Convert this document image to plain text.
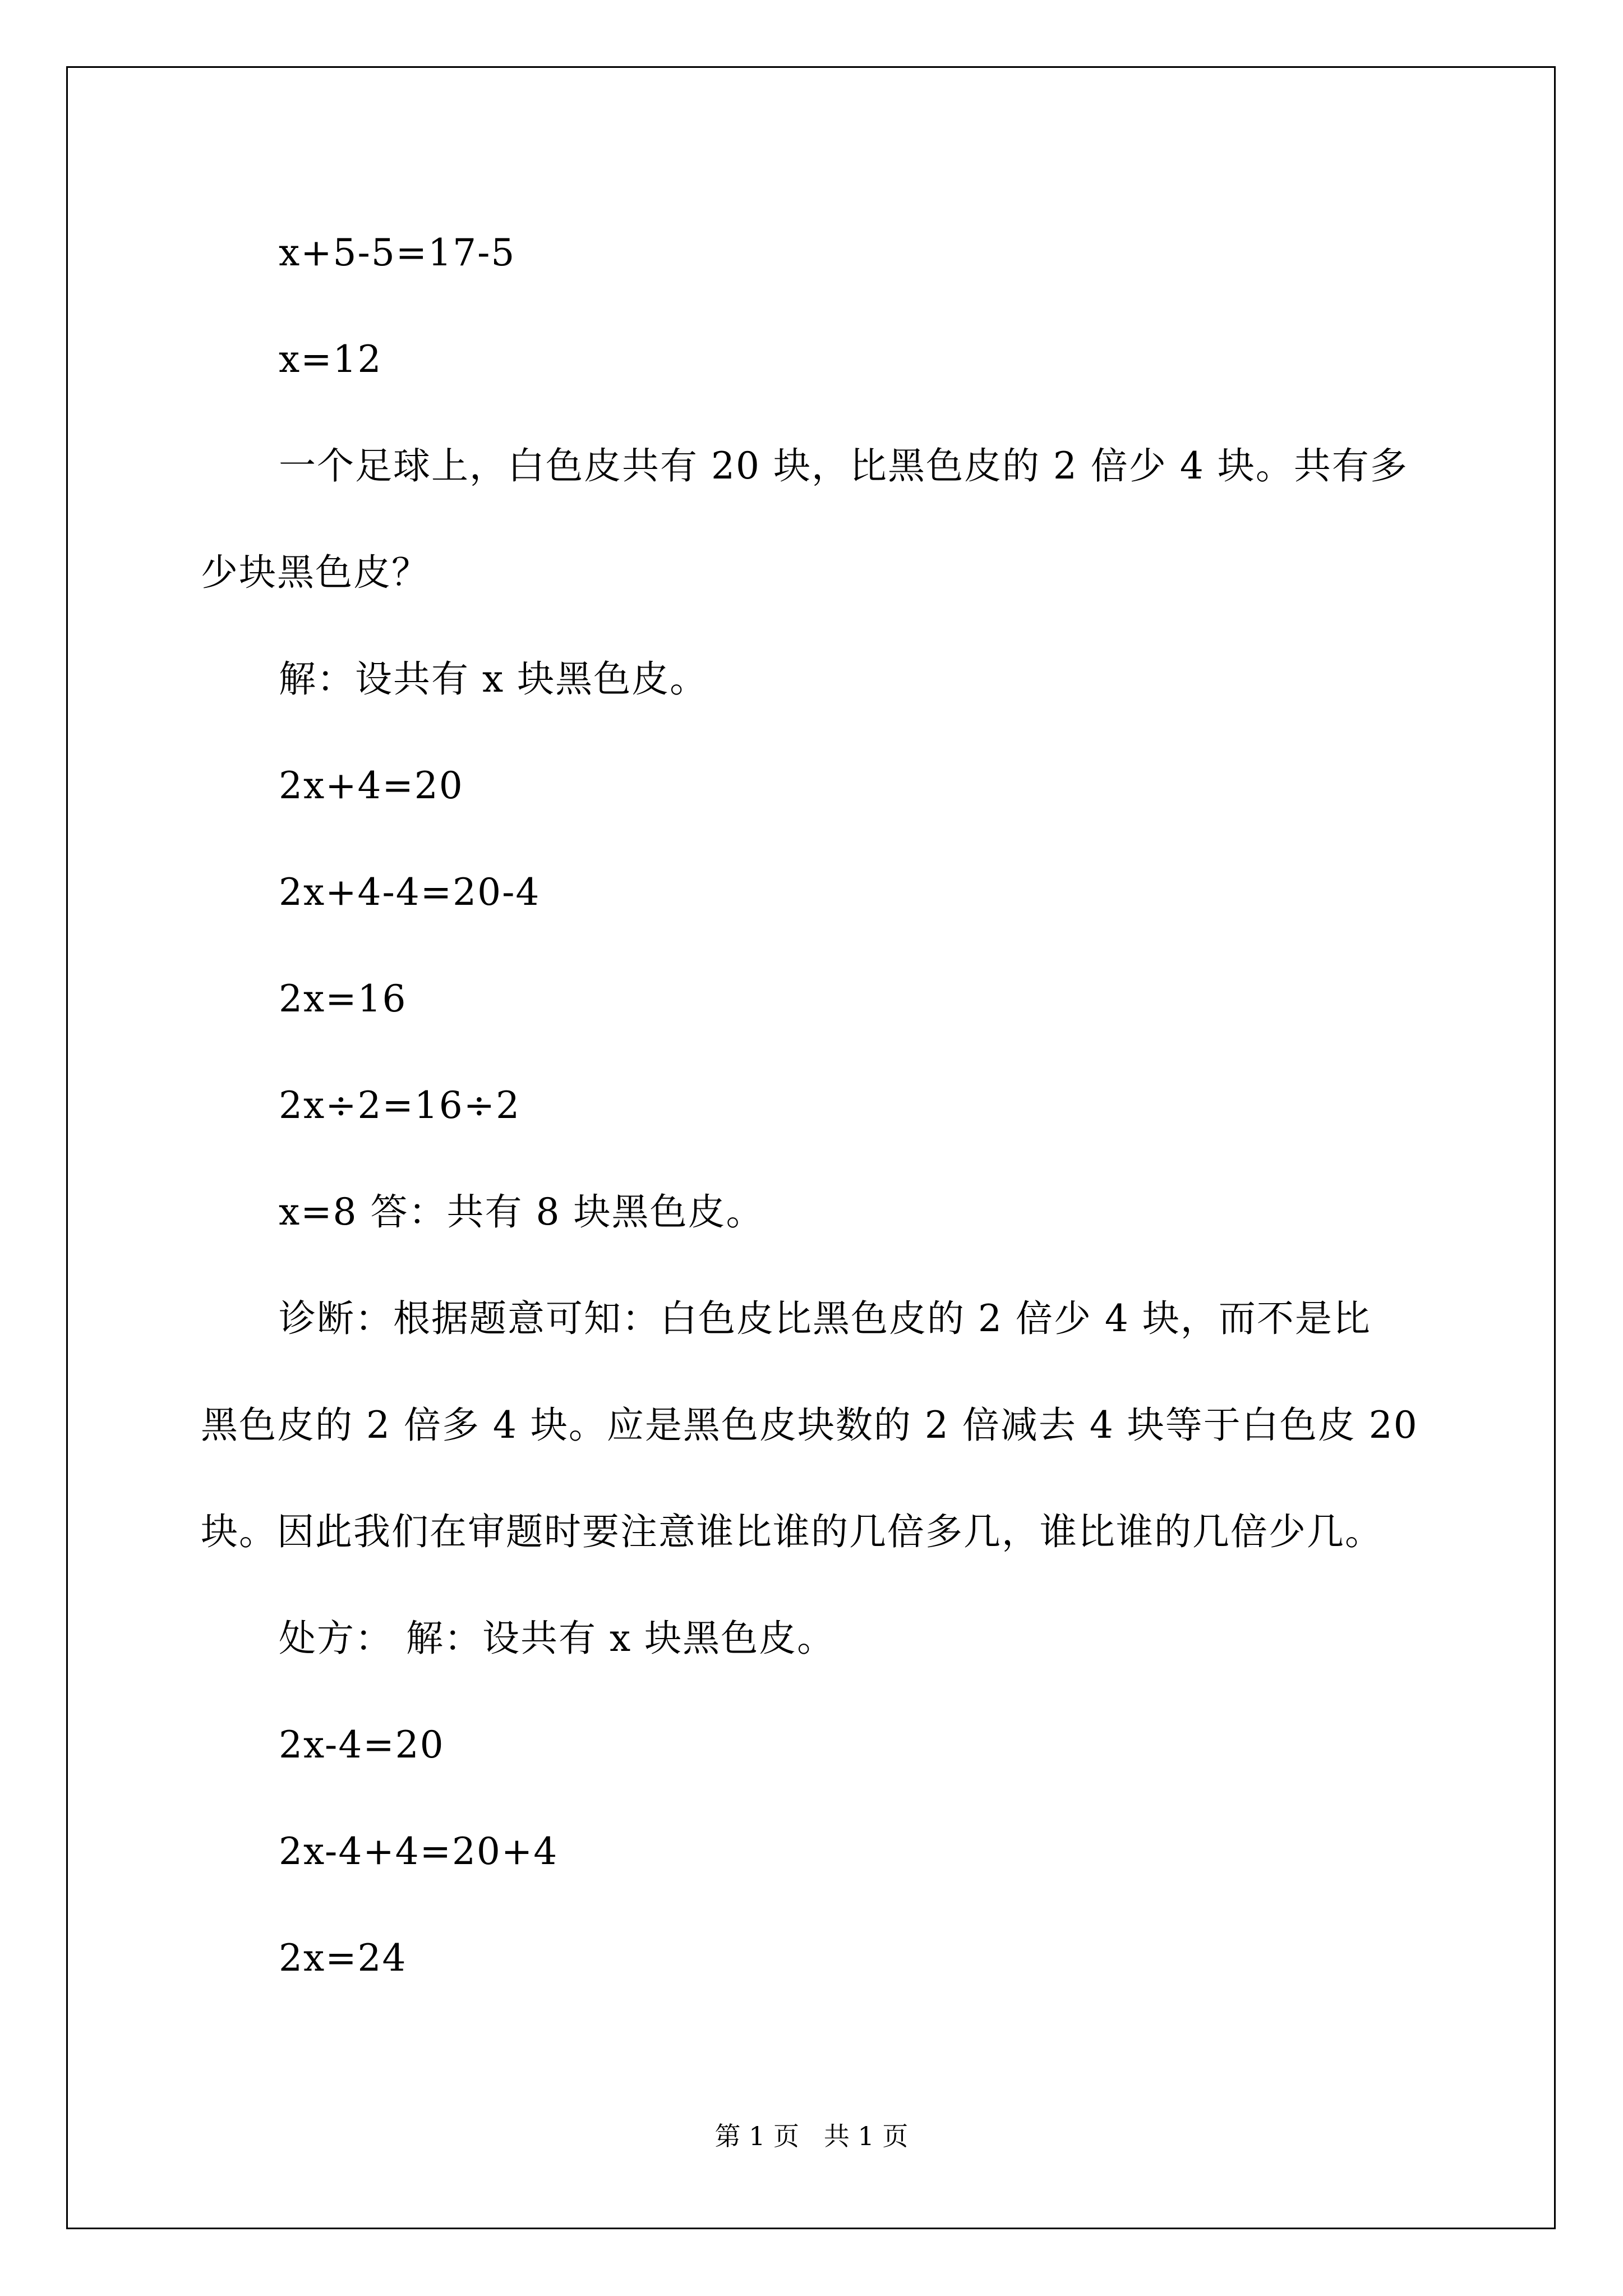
x+5-5=17-5
x=12
一个足球上，白色皮共有 20 块，比黑色皮的 2 倍少 4 块。共有多
少块黑色皮？
解：设共有 x 块黑色皮。
2x+4=20
2x+4-4=20-4
2x=16
2x÷2=16÷2
x=8 答：共有 8 块黑色皮。
诊断：根据题意可知：白色皮比黑色皮的 2 倍少 4 块，而不是比
黑色皮的 2 倍多 4 块。应是黑色皮块数的 2 倍减去 4 块等于白色皮 20
块。因此我们在审题时要注意谁比谁的几倍多几，谁比谁的几倍少几。
处方： 解：设共有 x 块黑色皮。
2x-4=20
2x-4+4=20+4
2x=24
第 1 页   共 1 页
